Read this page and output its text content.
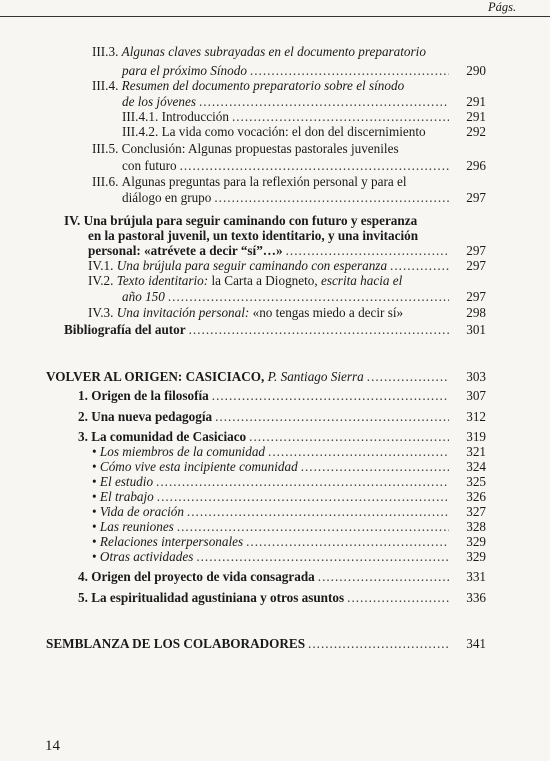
Págs.
III.3.
Algunas claves subrayadas en el documento preparatorio
para el próximo Sínodo .....	290
III.4.
Resumen del documento preparatorio sobre el sínodo
de los jóvenes .....	291
III.4.1.
Introducción .....	291
III.4.2.
La vida como vocación: el don del discernimiento	292
III.5.
Conclusión: Algunas propuestas pastorales juveniles
con futuro .....	296
III.6.
Algunas preguntas para la reflexión personal y para el
diálogo en grupo .....	297
IV.
Una brújula para seguir caminando con futuro y esperanza
en la pastoral juvenil, un texto identitario, y una invitación
personal: «atrévete a decir “sí”…» .....	297
IV.1.
Una brújula para seguir caminando con esperanza .....	297
IV.2.
Texto identitario: la Carta a Diogneto, escrita hacia el
año 150 .....	297
IV.3.
Una invitación personal: «no tengas miedo a decir sí»	298
Bibliografía del autor .....	301
VOLVER AL ORIGEN: CASICIACO,
P. Santiago Sierra .....	303
1.
Origen de la filosofía .....	307
2.
Una nueva pedagogía .....	312
3.
La comunidad de Casiciaco .....	319
•
Los miembros de la comunidad .....	321
•
Cómo vive esta incipiente comunidad .....	324
•
El estudio .....	325
•
El trabajo .....	326
•
Vida de oración .....	327
•
Las reuniones .....	328
•
Relaciones interpersonales .....	329
•
Otras actividades .....	329
4.
Origen del proyecto de vida consagrada .....	331
5.
La espiritualidad agustiniana y otros asuntos .....	336
SEMBLANZA DE LOS COLABORADORES .....	341
14
